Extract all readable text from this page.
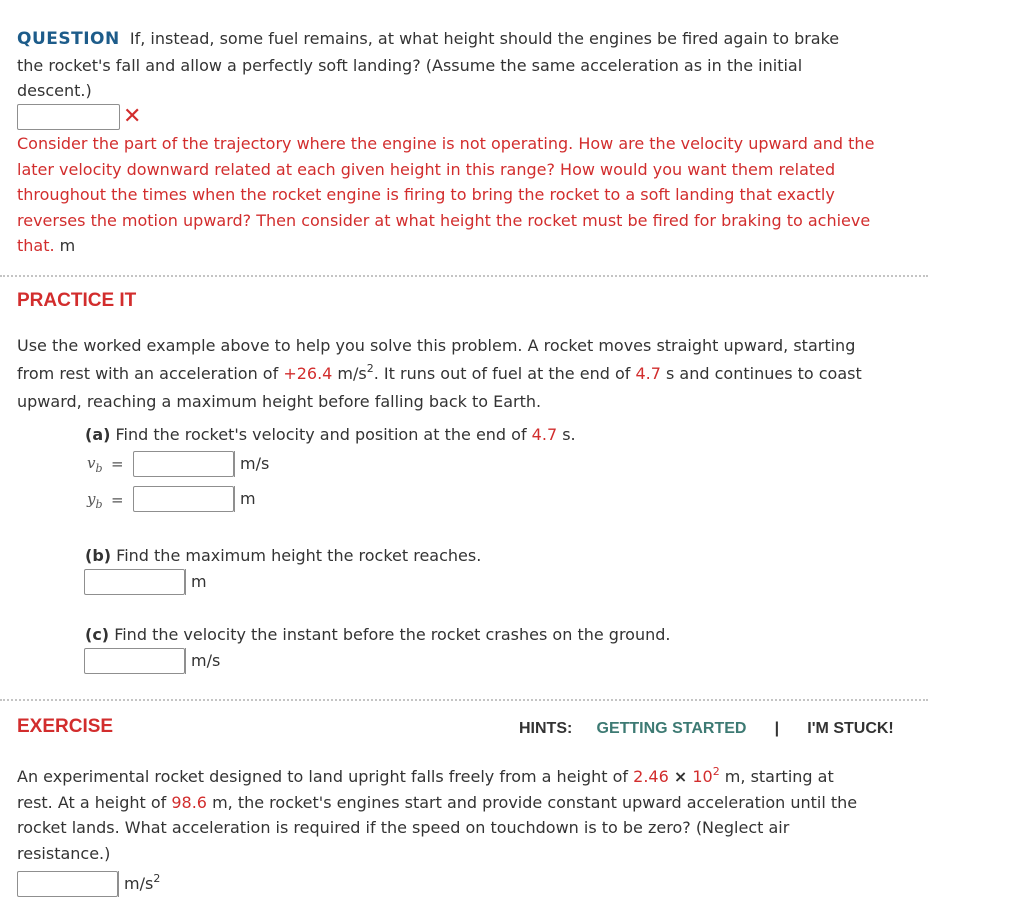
QUESTION If, instead, some fuel remains, at what height should the engines be fired again to brake
the rocket's fall and allow a perfectly soft landing? (Assume the same acceleration as in the initial
descent.)
✕
Consider the part of the trajectory where the engine is not operating. How are the velocity upward and the
later velocity downward related at each given height in this range? How would you want them related
throughout the times when the rocket engine is firing to bring the rocket to a soft landing that exactly
reverses the motion upward? Then consider at what height the rocket must be fired for braking to achieve
that. m
PRACTICE IT
Use the worked example above to help you solve this problem. A rocket moves straight upward, starting
from rest with an acceleration of +26.4 $m/s^2$. It runs out of fuel at the end of 4.7 s and continues to coast
upward, reaching a maximum height before falling back to Earth.
(a) Find the rocket's velocity and position at the end of 4.7 s.
$v_b$ =	m/s
$y_b$ =	m
(b) Find the maximum height the rocket reaches.
m
(c) Find the velocity the instant before the rocket crashes on the ground.
m/s
EXERCISE	HINTS: GETTING STARTED | I'M STUCK!
An experimental rocket designed to land upright falls freely from a height of $2.46 \times 10^2$ m, starting at
rest. At a height of 98.6 m, the rocket's engines start and provide constant upward acceleration until the
rocket lands. What acceleration is required if the speed on touchdown is to be zero? (Neglect air
resistance.)
$m/s^2$
